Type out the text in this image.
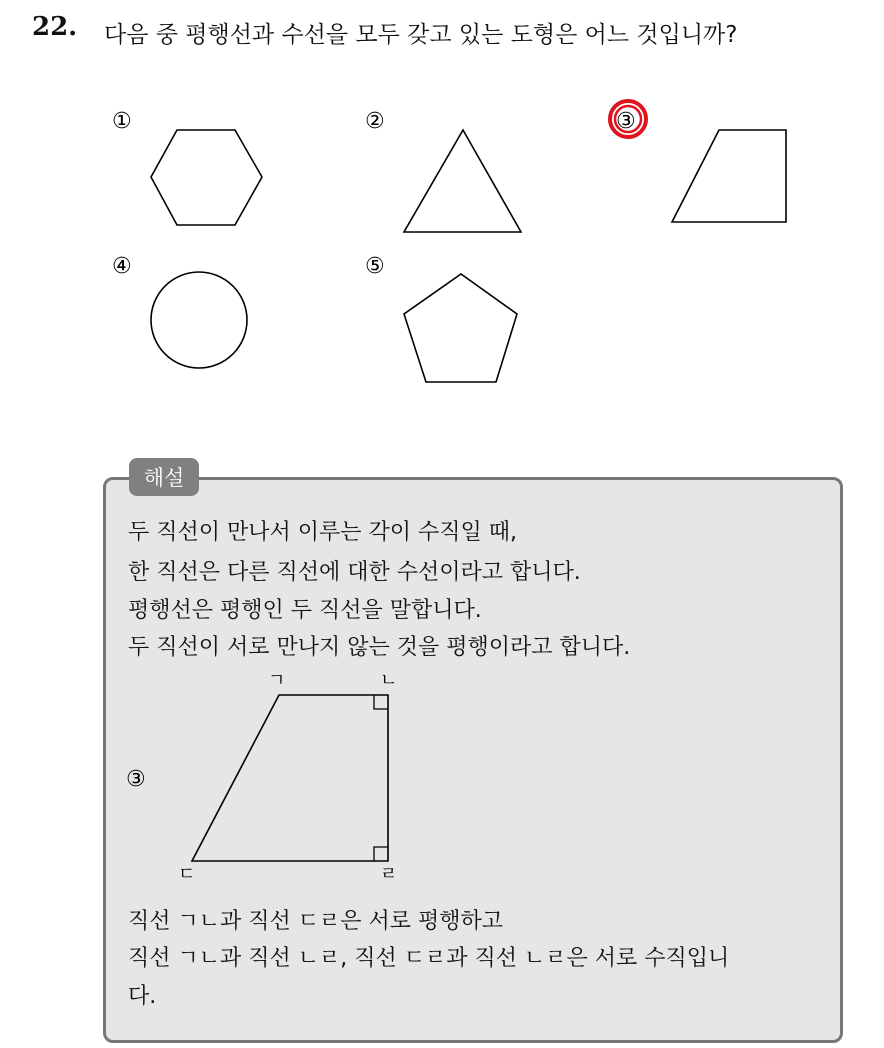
22. 다음 중 평행선과 수선을 모두 갖고 있는 도형은 어느 것입니까?
①	②	③
④	⑤
해설
두 직선이 만나서 이루는 각이 수직일 때,
한 직선은 다른 직선에 대한 수선이라고 합니다.
평행선은 평행인 두 직선을 말합니다.
두 직선이 서로 만나지 않는 것을 평행이라고 합니다.
③
ㄱ	ㄴ
ㄷ	ㄹ
직선 ㄱㄴ과 직선 ㄷㄹ은 서로 평행하고
직선 ㄱㄴ과 직선 ㄴㄹ, 직선 ㄷㄹ과 직선 ㄴㄹ은 서로 수직입니
다.
